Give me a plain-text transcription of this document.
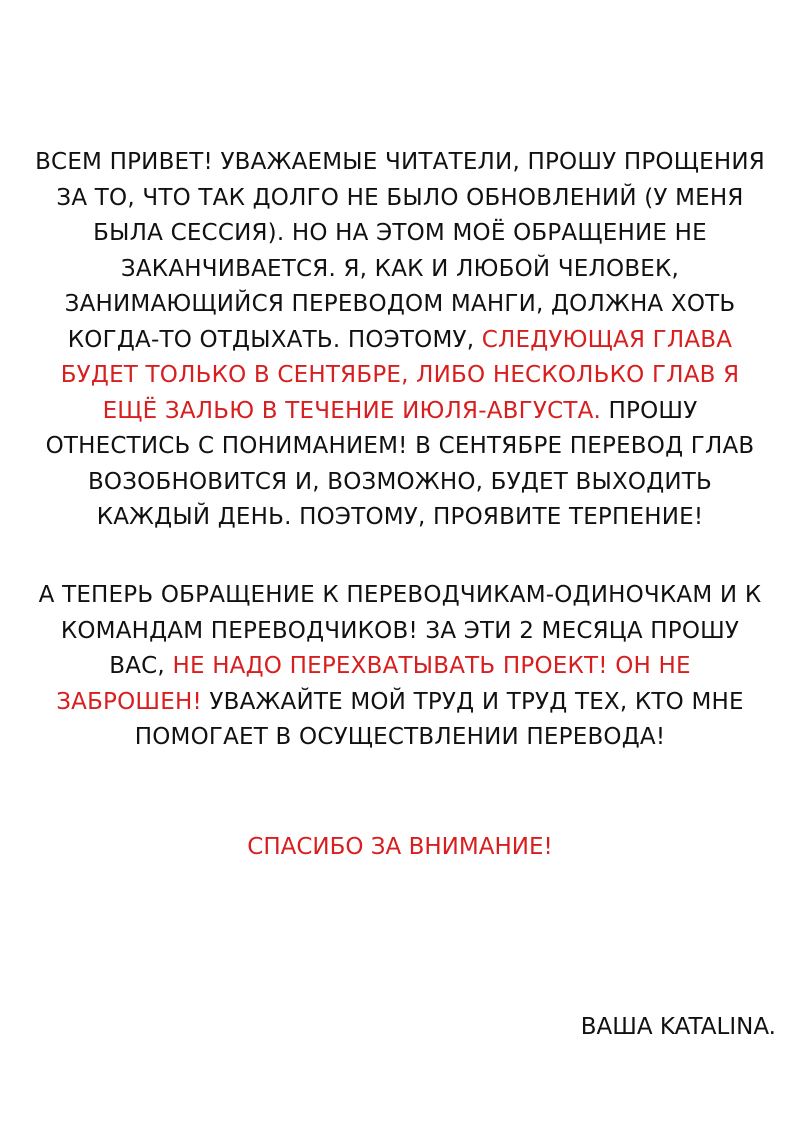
ВСЕМ ПРИВЕТ! УВАЖАЕМЫЕ ЧИТАТЕЛИ, ПРОШУ ПРОЩЕНИЯ
ЗА ТО, ЧТО ТАК ДОЛГО НЕ БЫЛО ОБНОВЛЕНИЙ (У МЕНЯ
БЫЛА СЕССИЯ). НО НА ЭТОМ МОЁ ОБРАЩЕНИЕ НЕ
ЗАКАНЧИВАЕТСЯ. Я, КАК И ЛЮБОЙ ЧЕЛОВЕК,
ЗАНИМАЮЩИЙСЯ ПЕРЕВОДОМ МАНГИ, ДОЛЖНА ХОТЬ
КОГДА-ТО ОТДЫХАТЬ. ПОЭТОМУ, СЛЕДУЮЩАЯ ГЛАВА
БУДЕТ ТОЛЬКО В СЕНТЯБРЕ, ЛИБО НЕСКОЛЬКО ГЛАВ Я
ЕЩЁ ЗАЛЬЮ В ТЕЧЕНИЕ ИЮЛЯ-АВГУСТА. ПРОШУ
ОТНЕСТИСЬ С ПОНИМАНИЕМ! В СЕНТЯБРЕ ПЕРЕВОД ГЛАВ
ВОЗОБНОВИТСЯ И, ВОЗМОЖНО, БУДЕТ ВЫХОДИТЬ
КАЖДЫЙ ДЕНЬ. ПОЭТОМУ, ПРОЯВИТЕ ТЕРПЕНИЕ!
А ТЕПЕРЬ ОБРАЩЕНИЕ К ПЕРЕВОДЧИКАМ-ОДИНОЧКАМ И К
КОМАНДАМ ПЕРЕВОДЧИКОВ! ЗА ЭТИ 2 МЕСЯЦА ПРОШУ
ВАС, НЕ НАДО ПЕРЕХВАТЫВАТЬ ПРОЕКТ! ОН НЕ
ЗАБРОШЕН! УВАЖАЙТЕ МОЙ ТРУД И ТРУД ТЕХ, КТО МНЕ
ПОМОГАЕТ В ОСУЩЕСТВЛЕНИИ ПЕРЕВОДА!
СПАСИБО ЗА ВНИМАНИЕ!
ВАША KATALINA.
